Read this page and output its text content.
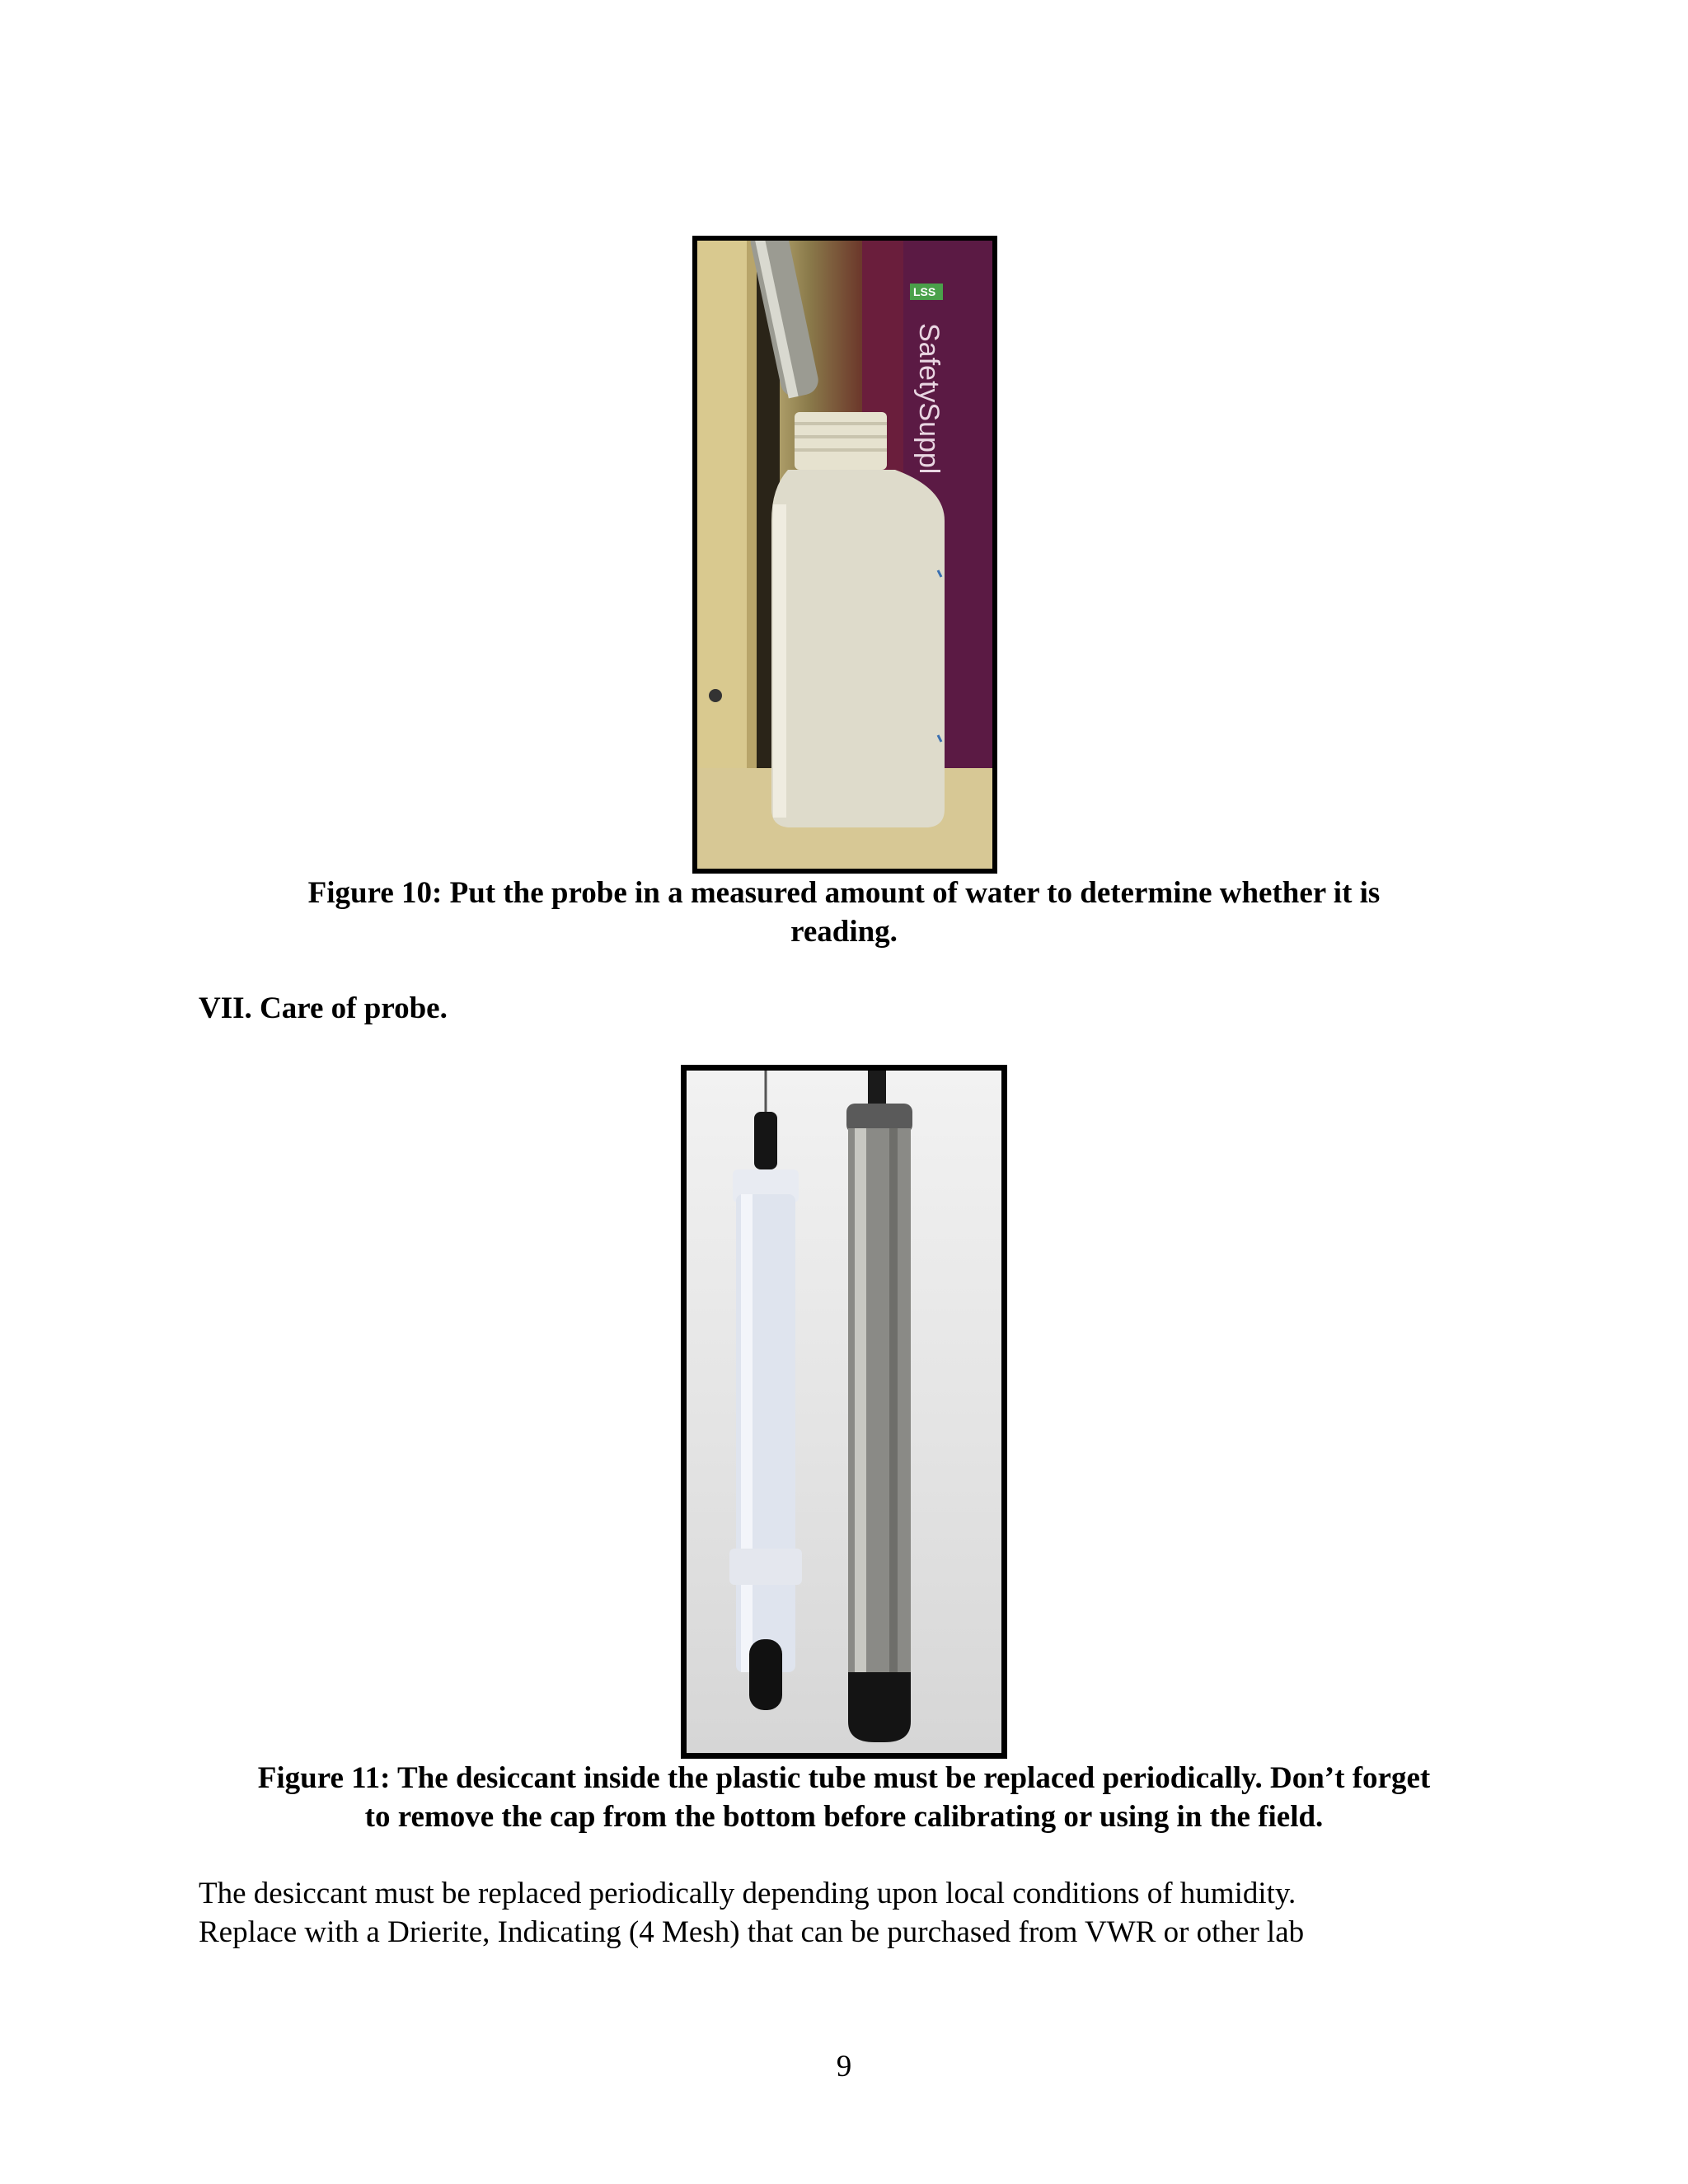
LSS
SafetySuppl

Figure 10: Put the probe in a measured amount of water to determine whether it is

reading.

VII. Care of probe.

Figure 11: The desiccant inside the plastic tube must be replaced periodically. Don’t forget

to remove the cap from the bottom before calibrating or using in the field.

The desiccant must be replaced periodically depending upon local conditions of humidity.

Replace with a Drierite, Indicating (4 Mesh) that can be purchased from VWR or other lab

9
